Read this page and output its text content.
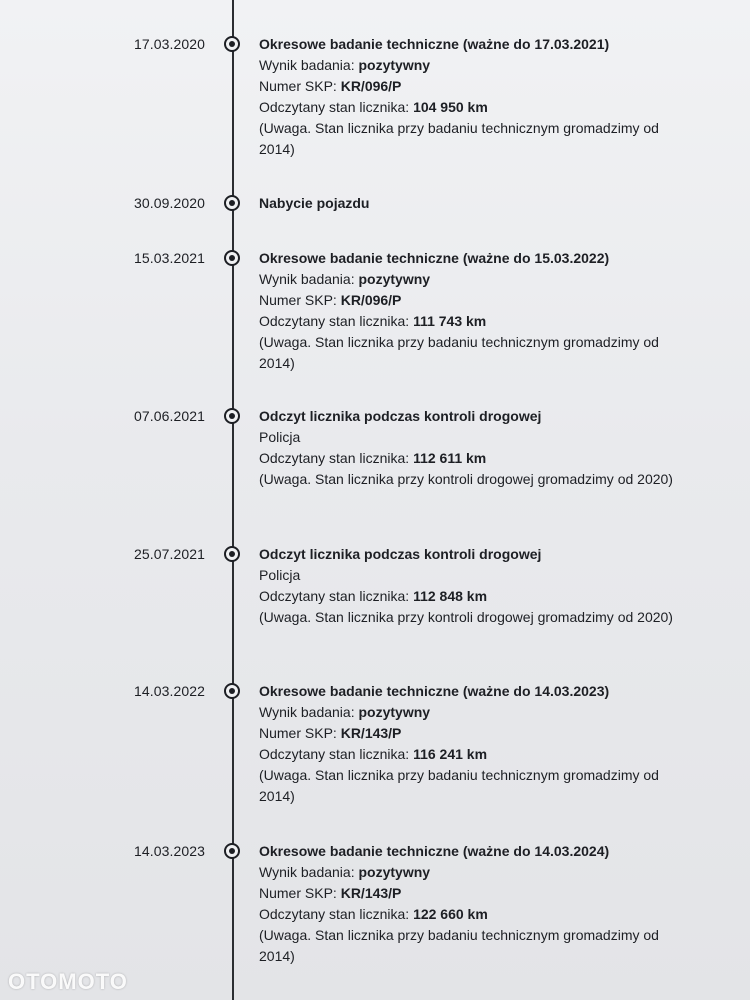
17.03.2020	Okresowe badanie techniczne (ważne do 17.03.2021)
Wynik badania: pozytywny
Numer SKP: KR/096/P
Odczytany stan licznika: 104 950 km

(Uwaga. Stan licznika przy badaniu technicznym gromadzimy od 2014)

30.09.2020	Nabycie pojazdu
15.03.2021	Okresowe badanie techniczne (ważne do 15.03.2022)
Wynik badania: pozytywny
Numer SKP: KR/096/P
Odczytany stan licznika: 111 743 km

(Uwaga. Stan licznika przy badaniu technicznym gromadzimy od 2014)

07.06.2021	Odczyt licznika podczas kontroli drogowej
Policja
Odczytany stan licznika: 112 611 km

(Uwaga. Stan licznika przy kontroli drogowej gromadzimy od 2020)

25.07.2021	Odczyt licznika podczas kontroli drogowej
Policja
Odczytany stan licznika: 112 848 km

(Uwaga. Stan licznika przy kontroli drogowej gromadzimy od 2020)

14.03.2022	Okresowe badanie techniczne (ważne do 14.03.2023)
Wynik badania: pozytywny
Numer SKP: KR/143/P
Odczytany stan licznika: 116 241 km

(Uwaga. Stan licznika przy badaniu technicznym gromadzimy od 2014)

14.03.2023	Okresowe badanie techniczne (ważne do 14.03.2024)
Wynik badania: pozytywny
Numer SKP: KR/143/P
Odczytany stan licznika: 122 660 km

(Uwaga. Stan licznika przy badaniu technicznym gromadzimy od 2014)

OTOMOTO
